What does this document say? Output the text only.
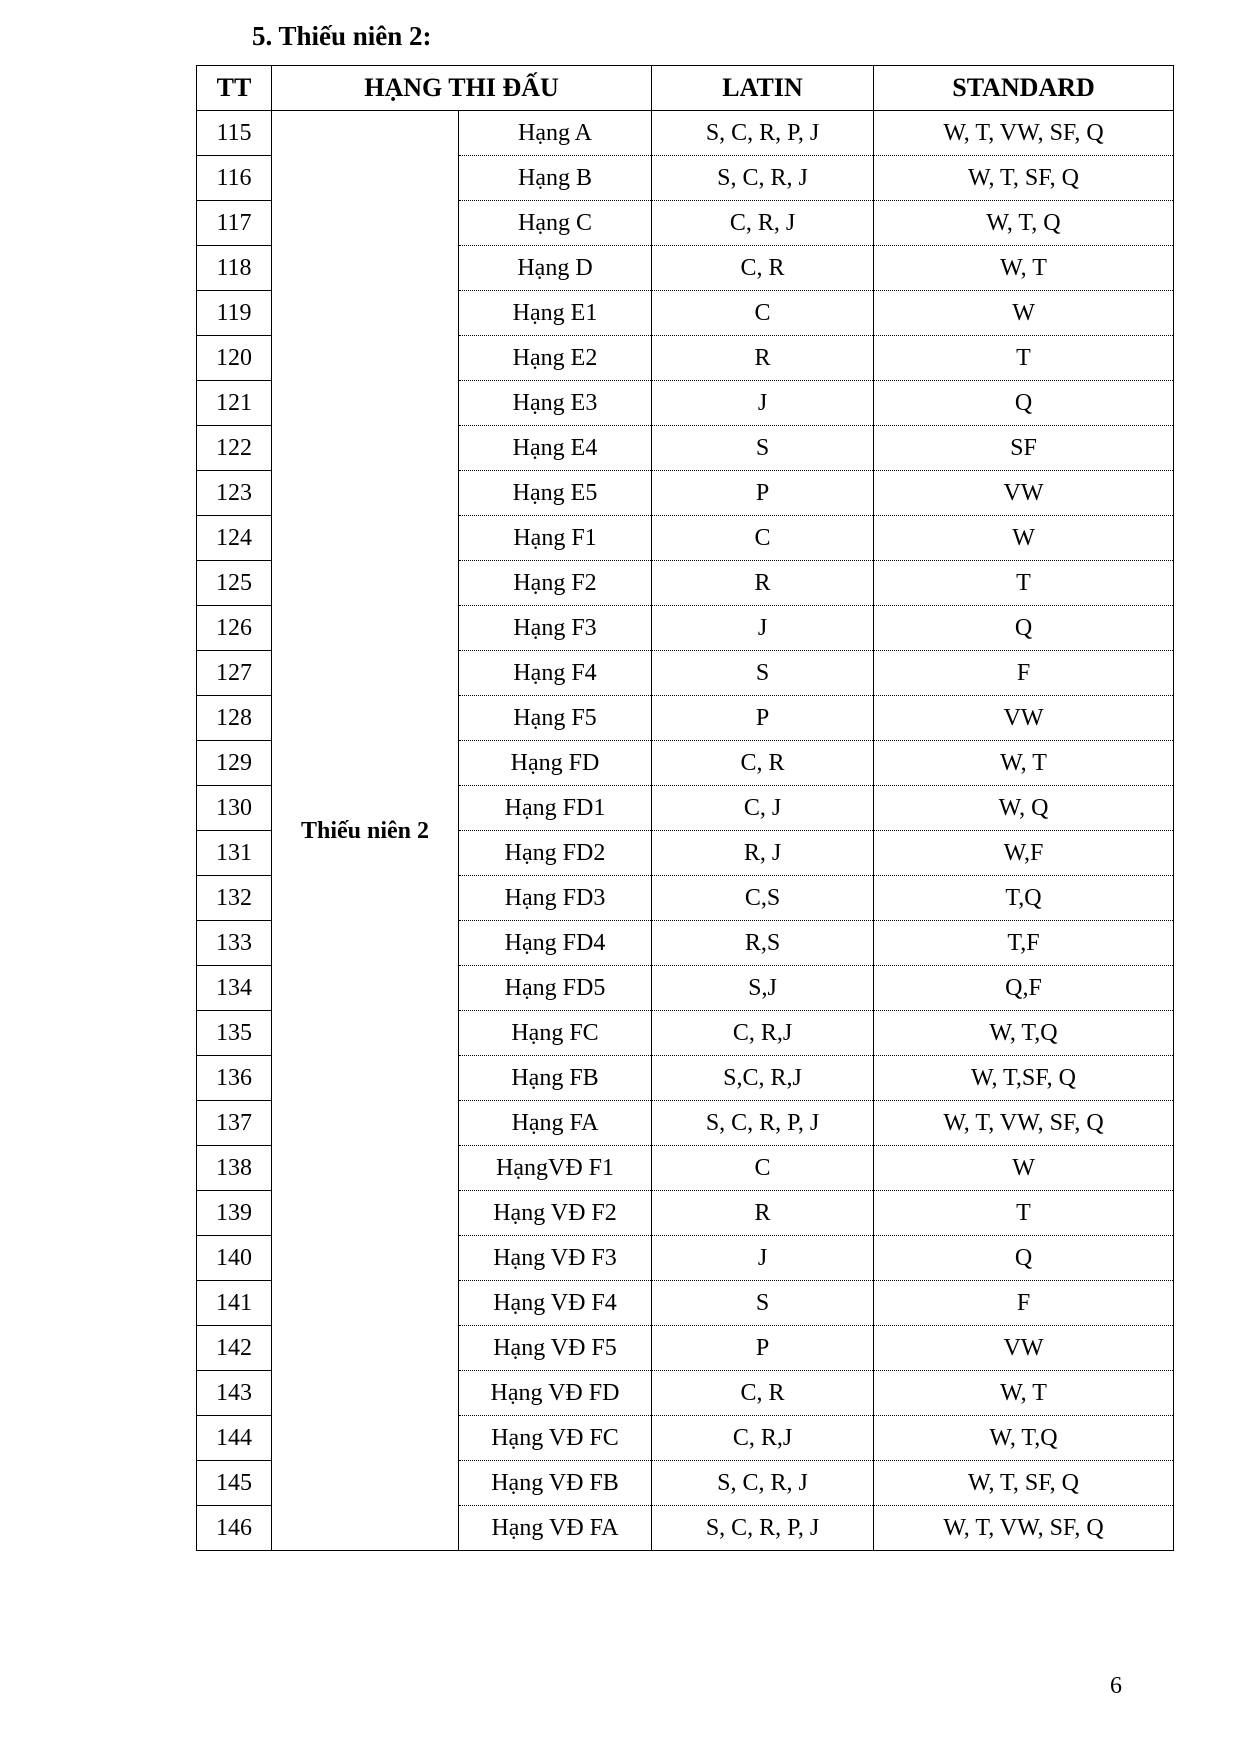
5. Thiếu niên 2:
TT	HẠNG THI ĐẤU		LATIN	STANDARD
115	Thiếu niên 2	Hạng A	S, C, R, P, J	W, T, VW, SF, Q
116		Hạng B	S, C, R, J	W, T, SF, Q
117		Hạng C	C, R, J	W, T, Q
118		Hạng D	C, R	W, T
119		Hạng E1	C	W
120		Hạng E2	R	T
121		Hạng E3	J	Q
122		Hạng E4	S	SF
123		Hạng E5	P	VW
124		Hạng F1	C	W
125		Hạng F2	R	T
126		Hạng F3	J	Q
127		Hạng F4	S	F
128		Hạng F5	P	VW
129		Hạng FD	C, R	W, T
130		Hạng FD1	C, J	W, Q
131		Hạng FD2	R, J	W,F
132		Hạng FD3	C,S	T,Q
133		Hạng FD4	R,S	T,F
134		Hạng FD5	S,J	Q,F
135		Hạng FC	C, R,J	W, T,Q
136		Hạng FB	S,C, R,J	W, T,SF, Q
137		Hạng FA	S, C, R, P, J	W, T, VW, SF, Q
138		HạngVĐ F1	C	W
139		Hạng VĐ F2	R	T
140		Hạng VĐ F3	J	Q
141		Hạng VĐ F4	S	F
142		Hạng VĐ F5	P	VW
143		Hạng VĐ FD	C, R	W, T
144		Hạng VĐ FC	C, R,J	W, T,Q
145		Hạng VĐ FB	S, C, R, J	W, T, SF, Q
146		Hạng VĐ FA	S, C, R, P, J	W, T, VW, SF, Q
6
